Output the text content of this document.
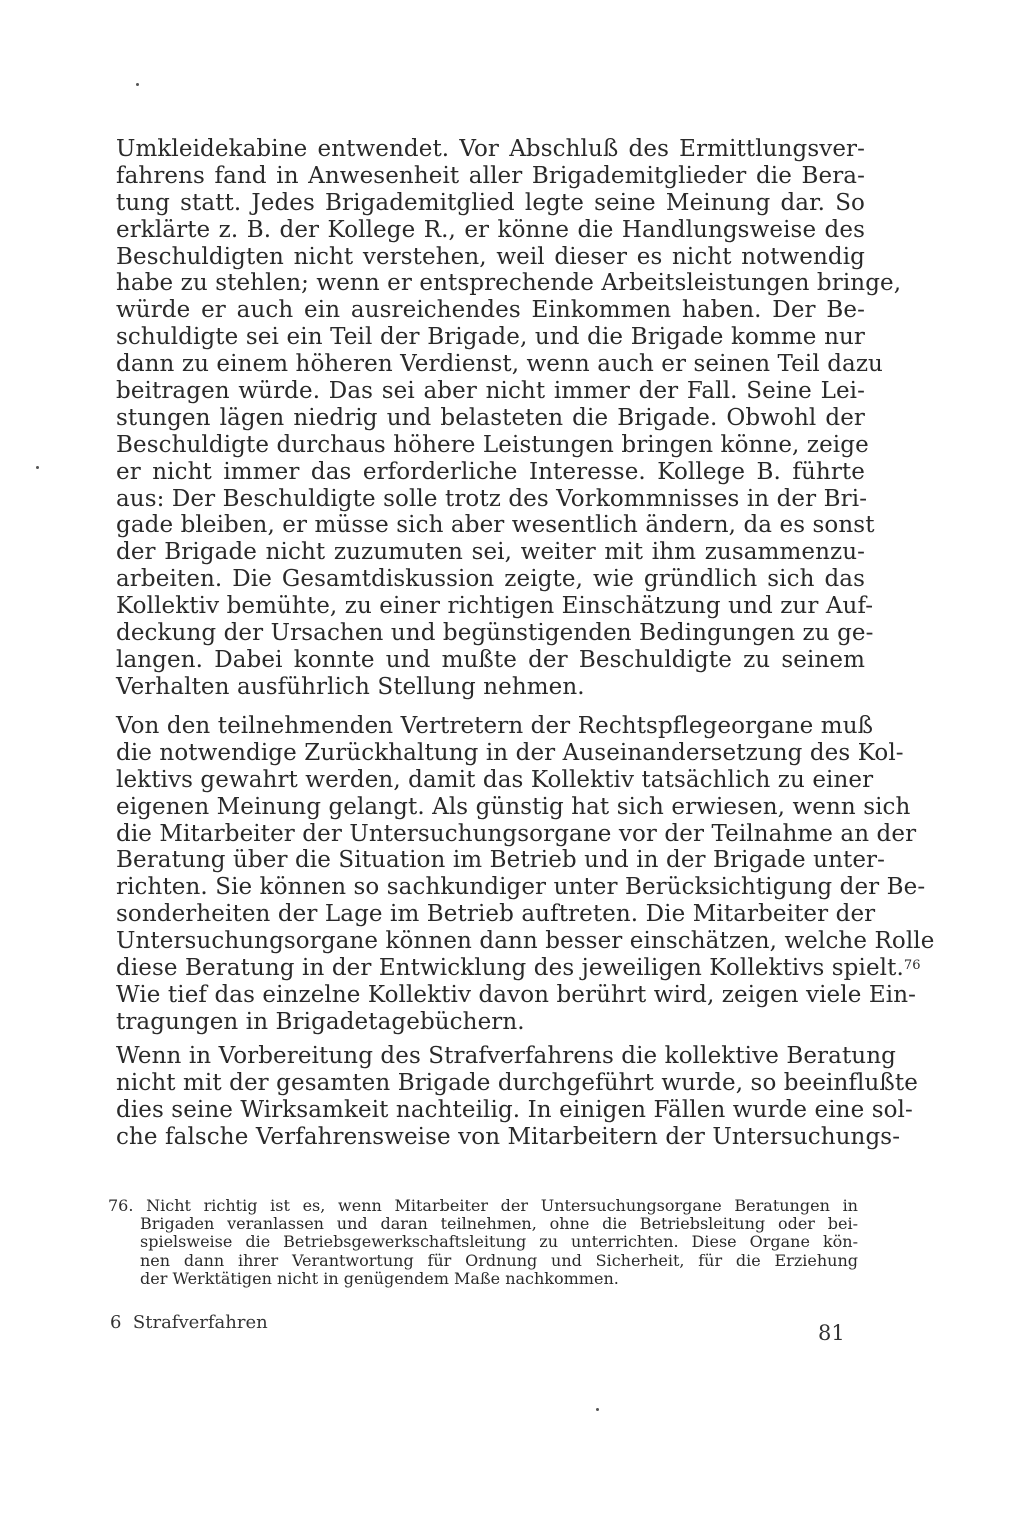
Umkleidekabine entwendet. Vor Abschluß des Ermittlungsver-
fahrens fand in Anwesenheit aller Brigademitglieder die Bera-
tung statt. Jedes Brigademitglied legte seine Meinung dar. So
erklärte z. B. der Kollege R., er könne die Handlungsweise des
Beschuldigten nicht verstehen, weil dieser es nicht notwendig
habe zu stehlen; wenn er entsprechende Arbeitsleistungen bringe,
würde er auch ein ausreichendes Einkommen haben. Der Be-
schuldigte sei ein Teil der Brigade, und die Brigade komme nur
dann zu einem höheren Verdienst, wenn auch er seinen Teil dazu
beitragen würde. Das sei aber nicht immer der Fall. Seine Lei-
stungen lägen niedrig und belasteten die Brigade. Obwohl der
Beschuldigte durchaus höhere Leistungen bringen könne, zeige
er nicht immer das erforderliche Interesse. Kollege B. führte
aus: Der Beschuldigte solle trotz des Vorkommnisses in der Bri-
gade bleiben, er müsse sich aber wesentlich ändern, da es sonst
der Brigade nicht zuzumuten sei, weiter mit ihm zusammenzu-
arbeiten. Die Gesamtdiskussion zeigte, wie gründlich sich das
Kollektiv bemühte, zu einer richtigen Einschätzung und zur Auf-
deckung der Ursachen und begünstigenden Bedingungen zu ge-
langen. Dabei konnte und mußte der Beschuldigte zu seinem
Verhalten ausführlich Stellung nehmen.
Von den teilnehmenden Vertretern der Rechtspflegeorgane muß
die notwendige Zurückhaltung in der Auseinandersetzung des Kol-
lektivs gewahrt werden, damit das Kollektiv tatsächlich zu einer
eigenen Meinung gelangt. Als günstig hat sich erwiesen, wenn sich
die Mitarbeiter der Untersuchungsorgane vor der Teilnahme an der
Beratung über die Situation im Betrieb und in der Brigade unter-
richten. Sie können so sachkundiger unter Berücksichtigung der Be-
sonderheiten der Lage im Betrieb auftreten. Die Mitarbeiter der
Untersuchungsorgane können dann besser einschätzen, welche Rolle
diese Beratung in der Entwicklung des jeweiligen Kollektivs spielt.$^{76}$
Wie tief das einzelne Kollektiv davon berührt wird, zeigen viele Ein-
tragungen in Brigadetagebüchern.
Wenn in Vorbereitung des Strafverfahrens die kollektive Beratung
nicht mit der gesamten Brigade durchgeführt wurde, so beeinflußte
dies seine Wirksamkeit nachteilig. In einigen Fällen wurde eine sol-
che falsche Verfahrensweise von Mitarbeitern der Untersuchungs-
76. Nicht richtig ist es, wenn Mitarbeiter der Untersuchungsorgane Beratungen in
Brigaden veranlassen und daran teilnehmen, ohne die Betriebsleitung oder bei-
spielsweise die Betriebsgewerkschaftsleitung zu unterrichten. Diese Organe kön-
nen dann ihrer Verantwortung für Ordnung und Sicherheit, für die Erziehung
der Werktätigen nicht in genügendem Maße nachkommen.
6  Strafverfahren	81
